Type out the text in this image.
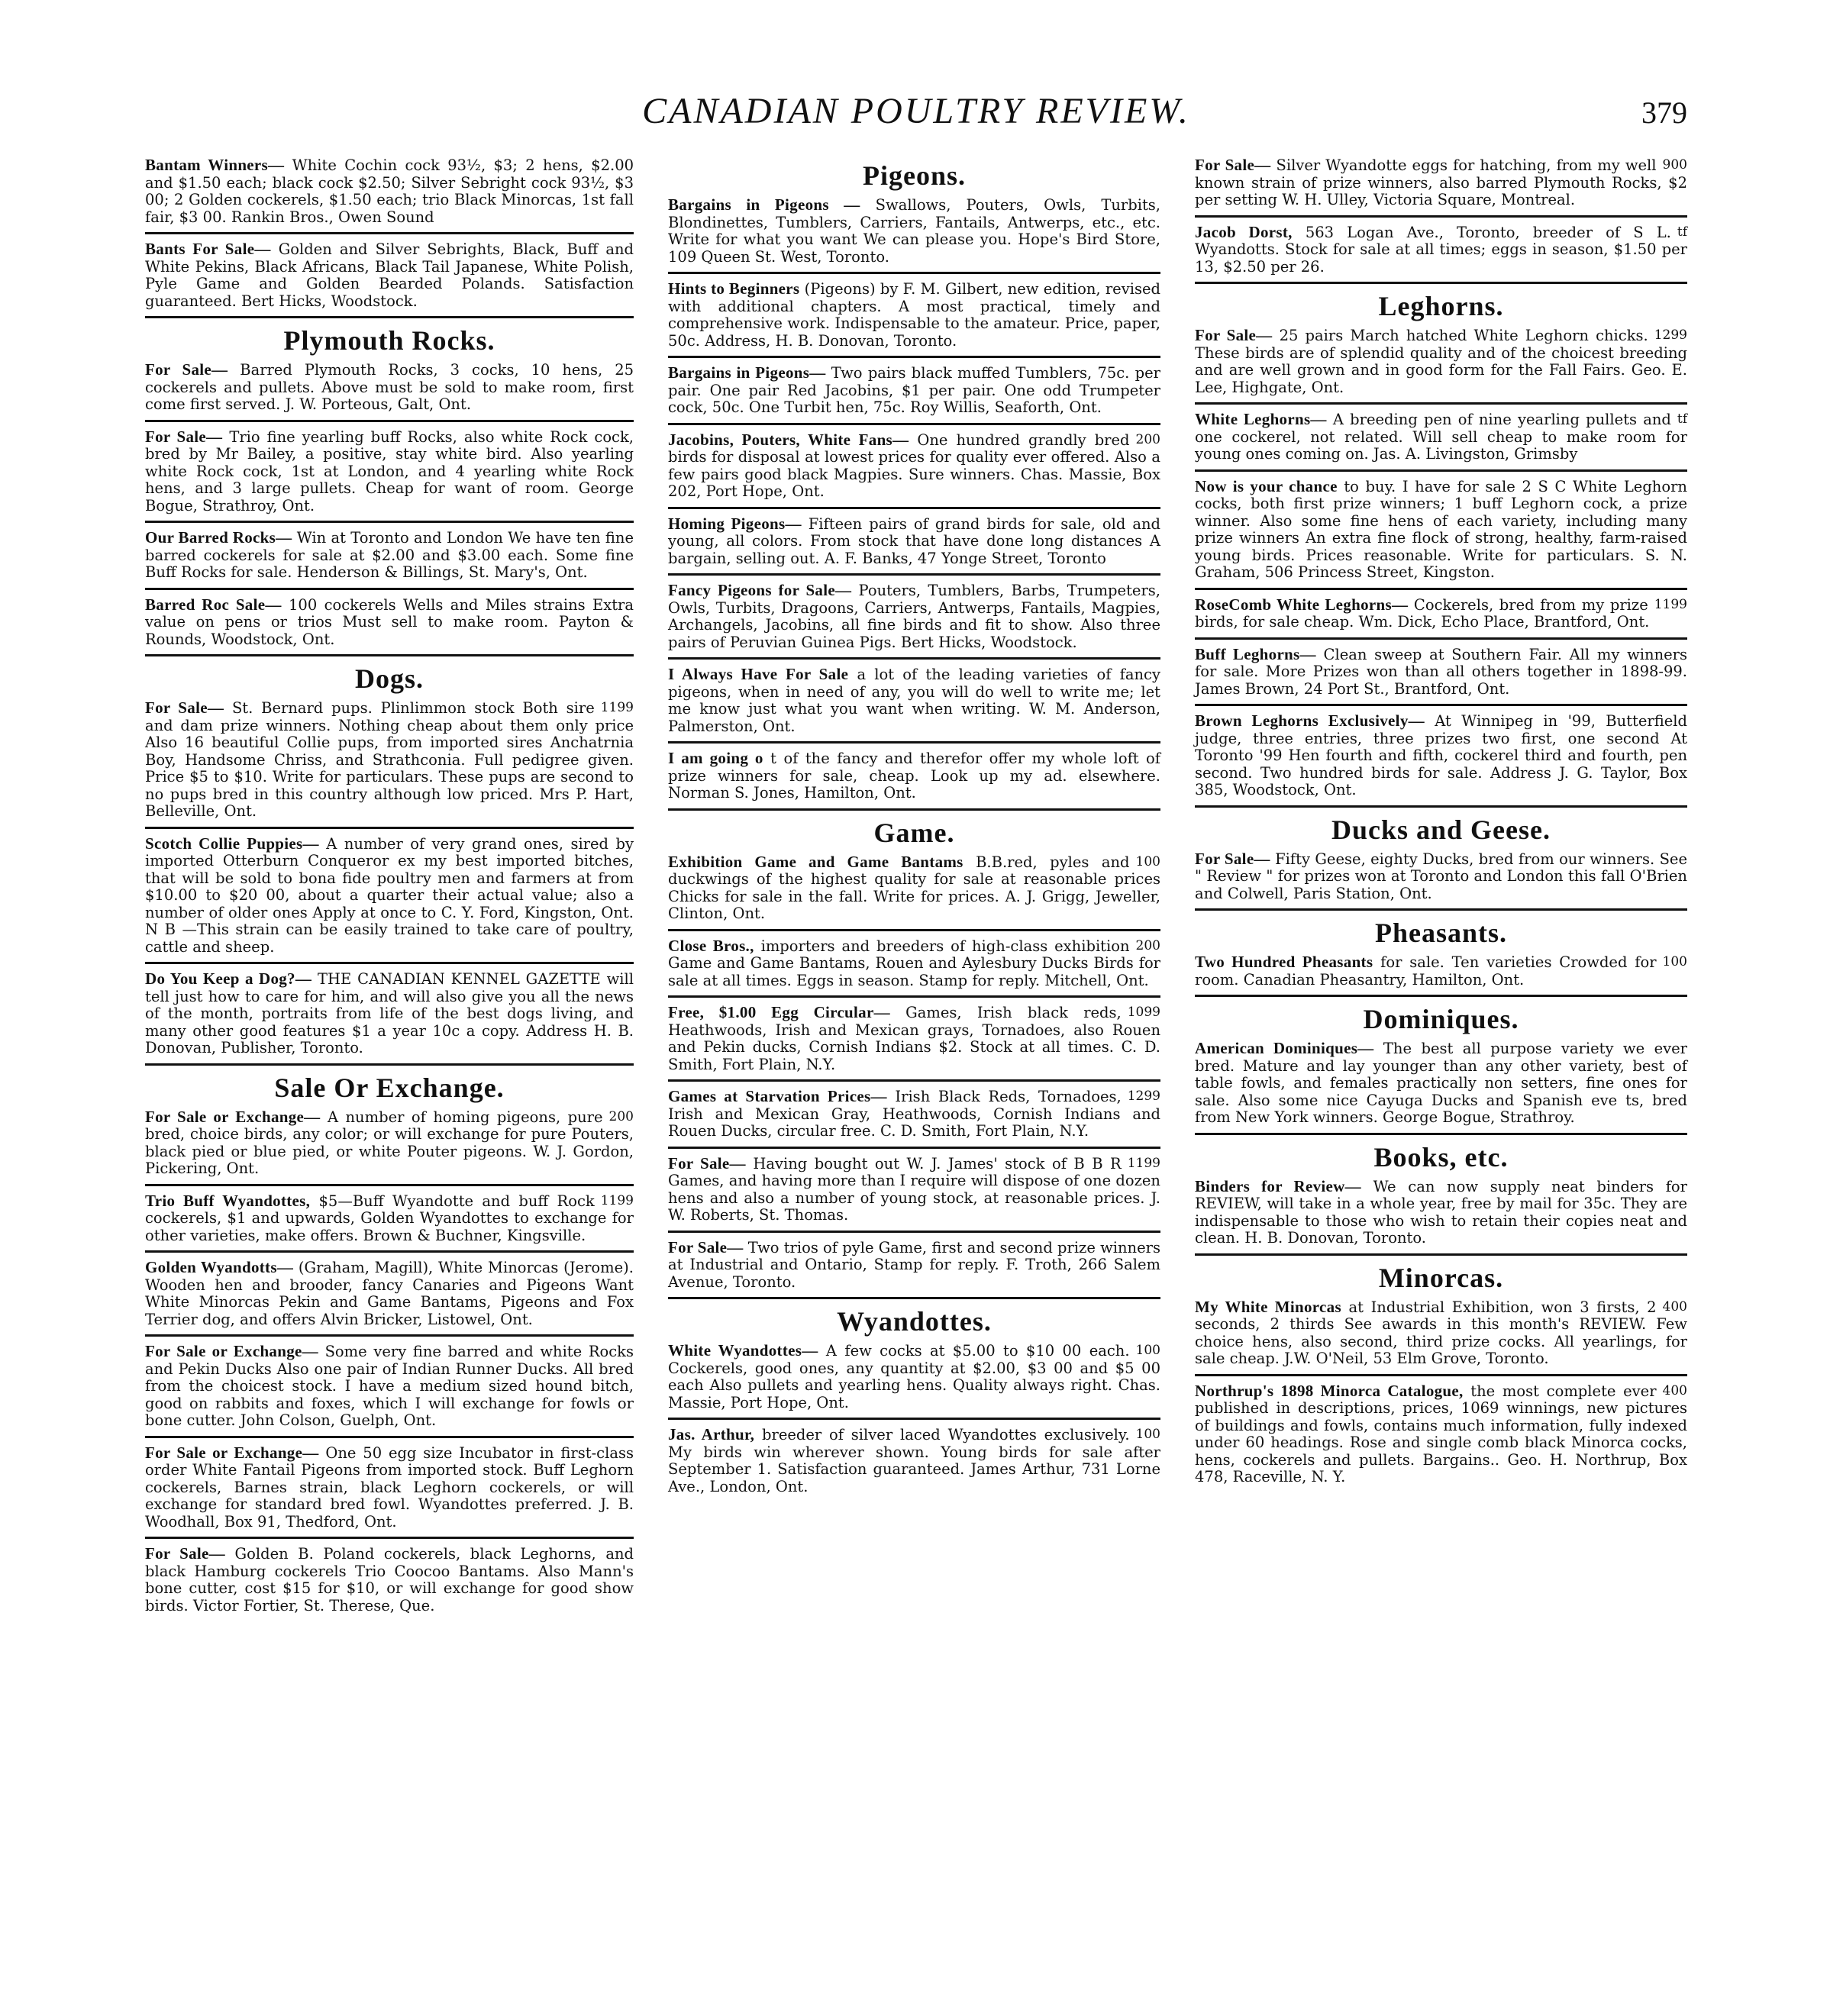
CANADIAN POULTRY REVIEW.	379
Bantam Winners— White Cochin cock 93½, $3; 2 hens, $2.00 and $1.50 each; black cock $2.50; Silver Sebright cock 93½, $3 00; 2 Golden cockerels, $1.50 each; trio Black Minorcas, 1st fall fair, $3 00. Rankin Bros., Owen Sound
Bants For Sale— Golden and Silver Sebrights, Black, Buff and White Pekins, Black Africans, Black Tail Japanese, White Polish, Pyle Game and Golden Bearded Polands. Satisfaction guaranteed. Bert Hicks, Woodstock.
Plymouth Rocks.
For Sale— Barred Plymouth Rocks, 3 cocks, 10 hens, 25 cockerels and pullets. Above must be sold to make room, first come first served. J. W. Porteous, Galt, Ont.
For Sale— Trio fine yearling buff Rocks, also white Rock cock, bred by Mr Bailey, a positive, stay white bird. Also yearling white Rock cock, 1st at London, and 4 yearling white Rock hens, and 3 large pullets. Cheap for want of room. George Bogue, Strathroy, Ont.
Our Barred Rocks— Win at Toronto and London We have ten fine barred cockerels for sale at $2.00 and $3.00 each. Some fine Buff Rocks for sale. Henderson & Billings, St. Mary's, Ont.
Barred Roc Sale— 100 cockerels Wells and Miles strains Extra value on pens or trios Must sell to make room. Payton & Rounds, Woodstock, Ont.
Dogs.
1199
For Sale— St. Bernard pups. Plinlimmon stock Both sire and dam prize winners. Nothing cheap about them only price Also 16 beautiful Collie pups, from imported sires Anchatrnia Boy, Handsome Chriss, and Strathconia. Full pedigree given. Price $5 to $10. Write for particulars. These pups are second to no pups bred in this country although low priced. Mrs P. Hart, Belleville, Ont.
Scotch Collie Puppies— A number of very grand ones, sired by imported Otterburn Conqueror ex my best imported bitches, that will be sold to bona fide poultry men and farmers at from $10.00 to $20 00, about a quarter their actual value; also a number of older ones Apply at once to C. Y. Ford, Kingston, Ont. N B —This strain can be easily trained to take care of poultry, cattle and sheep.
Do You Keep a Dog?— THE CANADIAN KENNEL GAZETTE will tell just how to care for him, and will also give you all the news of the month, portraits from life of the best dogs living, and many other good features $1 a year 10c a copy. Address H. B. Donovan, Publisher, Toronto.
Sale Or Exchange.
200
For Sale or Exchange— A number of homing pigeons, pure bred, choice birds, any color; or will exchange for pure Pouters, black pied or blue pied, or white Pouter pigeons. W. J. Gordon, Pickering, Ont.
1199
Trio Buff Wyandottes, $5—Buff Wyandotte and buff Rock cockerels, $1 and upwards, Golden Wyandottes to exchange for other varieties, make offers. Brown & Buchner, Kingsville.
Golden Wyandotts— (Graham, Magill), White Minorcas (Jerome). Wooden hen and brooder, fancy Canaries and Pigeons Want White Minorcas Pekin and Game Bantams, Pigeons and Fox Terrier dog, and offers Alvin Bricker, Listowel, Ont.
For Sale or Exchange— Some very fine barred and white Rocks and Pekin Ducks Also one pair of Indian Runner Ducks. All bred from the choicest stock. I have a medium sized hound bitch, good on rabbits and foxes, which I will exchange for fowls or bone cutter. John Colson, Guelph, Ont.
For Sale or Exchange— One 50 egg size Incubator in first-class order White Fantail Pigeons from imported stock. Buff Leghorn cockerels, Barnes strain, black Leghorn cockerels, or will exchange for standard bred fowl. Wyandottes preferred. J. B. Woodhall, Box 91, Thedford, Ont.
For Sale— Golden B. Poland cockerels, black Leghorns, and black Hamburg cockerels Trio Coocoo Bantams. Also Mann's bone cutter, cost $15 for $10, or will exchange for good show birds. Victor Fortier, St. Therese, Que.
Pigeons.
Bargains in Pigeons — Swallows, Pouters, Owls, Turbits, Blondinettes, Tumblers, Carriers, Fantails, Antwerps, etc., etc. Write for what you want We can please you. Hope's Bird Store, 109 Queen St. West, Toronto.
Hints to Beginners (Pigeons) by F. M. Gilbert, new edition, revised with additional chapters. A most practical, timely and comprehensive work. Indispensable to the amateur. Price, paper, 50c. Address, H. B. Donovan, Toronto.
Bargains in Pigeons— Two pairs black muffed Tumblers, 75c. per pair. One pair Red Jacobins, $1 per pair. One odd Trumpeter cock, 50c. One Turbit hen, 75c. Roy Willis, Seaforth, Ont.
200
Jacobins, Pouters, White Fans— One hundred grandly bred birds for disposal at lowest prices for quality ever offered. Also a few pairs good black Magpies. Sure winners. Chas. Massie, Box 202, Port Hope, Ont.
Homing Pigeons— Fifteen pairs of grand birds for sale, old and young, all colors. From stock that have done long distances A bargain, selling out. A. F. Banks, 47 Yonge Street, Toronto
Fancy Pigeons for Sale— Pouters, Tumblers, Barbs, Trumpeters, Owls, Turbits, Dragoons, Carriers, Antwerps, Fantails, Magpies, Archangels, Jacobins, all fine birds and fit to show. Also three pairs of Peruvian Guinea Pigs. Bert Hicks, Woodstock.
I Always Have For Sale a lot of the leading varieties of fancy pigeons, when in need of any, you will do well to write me; let me know just what you want when writing. W. M. Anderson, Palmerston, Ont.
I am going o t of the fancy and therefor offer my whole loft of prize winners for sale, cheap. Look up my ad. elsewhere. Norman S. Jones, Hamilton, Ont.
Game.
100
Exhibition Game and Game Bantams B.B.red, pyles and duckwings of the highest quality for sale at reasonable prices Chicks for sale in the fall. Write for prices. A. J. Grigg, Jeweller, Clinton, Ont.
200
Close Bros., importers and breeders of high-class exhibition Game and Game Bantams, Rouen and Aylesbury Ducks Birds for sale at all times. Eggs in season. Stamp for reply. Mitchell, Ont.
1099
Free, $1.00 Egg Circular— Games, Irish black reds, Heathwoods, Irish and Mexican grays, Tornadoes, also Rouen and Pekin ducks, Cornish Indians $2. Stock at all times. C. D. Smith, Fort Plain, N.Y.
1299
Games at Starvation Prices— Irish Black Reds, Tornadoes, Irish and Mexican Gray, Heathwoods, Cornish Indians and Rouen Ducks, circular free. C. D. Smith, Fort Plain, N.Y.
1199
For Sale— Having bought out W. J. James' stock of B B R Games, and having more than I require will dispose of one dozen hens and also a number of young stock, at reasonable prices. J. W. Roberts, St. Thomas.
For Sale— Two trios of pyle Game, first and second prize winners at Industrial and Ontario, Stamp for reply. F. Troth, 266 Salem Avenue, Toronto.
Wyandottes.
100
White Wyandottes— A few cocks at $5.00 to $10 00 each. Cockerels, good ones, any quantity at $2.00, $3 00 and $5 00 each Also pullets and yearling hens. Quality always right. Chas. Massie, Port Hope, Ont.
100
Jas. Arthur, breeder of silver laced Wyandottes exclusively. My birds win wherever shown. Young birds for sale after September 1. Satisfaction guaranteed. James Arthur, 731 Lorne Ave., London, Ont.
900
For Sale— Silver Wyandotte eggs for hatching, from my well known strain of prize winners, also barred Plymouth Rocks, $2 per setting W. H. Ulley, Victoria Square, Montreal.
tf
Jacob Dorst, 563 Logan Ave., Toronto, breeder of S L. Wyandotts. Stock for sale at all times; eggs in season, $1.50 per 13, $2.50 per 26.
Leghorns.
1299
For Sale— 25 pairs March hatched White Leghorn chicks. These birds are of splendid quality and of the choicest breeding and are well grown and in good form for the Fall Fairs. Geo. E. Lee, Highgate, Ont.
tf
White Leghorns— A breeding pen of nine yearling pullets and one cockerel, not related. Will sell cheap to make room for young ones coming on. Jas. A. Livingston, Grimsby
Now is your chance to buy. I have for sale 2 S C White Leghorn cocks, both first prize winners; 1 buff Leghorn cock, a prize winner. Also some fine hens of each variety, including many prize winners An extra fine flock of strong, healthy, farm-raised young birds. Prices reasonable. Write for particulars. S. N. Graham, 506 Princess Street, Kingston.
1199
RoseComb White Leghorns— Cockerels, bred from my prize birds, for sale cheap. Wm. Dick, Echo Place, Brantford, Ont.
Buff Leghorns— Clean sweep at Southern Fair. All my winners for sale. More Prizes won than all others together in 1898-99. James Brown, 24 Port St., Brantford, Ont.
Brown Leghorns Exclusively— At Winnipeg in '99, Butterfield judge, three entries, three prizes two first, one second At Toronto '99 Hen fourth and fifth, cockerel third and fourth, pen second. Two hundred birds for sale. Address J. G. Taylor, Box 385, Woodstock, Ont.
Ducks and Geese.
For Sale— Fifty Geese, eighty Ducks, bred from our winners. See " Review " for prizes won at Toronto and London this fall O'Brien and Colwell, Paris Station, Ont.
Pheasants.
100
Two Hundred Pheasants for sale. Ten varieties Crowded for room. Canadian Pheasantry, Hamilton, Ont.
Dominiques.
American Dominiques— The best all purpose variety we ever bred. Mature and lay younger than any other variety, best of table fowls, and females practically non setters, fine ones for sale. Also some nice Cayuga Ducks and Spanish eve ts, bred from New York winners. George Bogue, Strathroy.
Books, etc.
Binders for Review— We can now supply neat binders for REVIEW, will take in a whole year, free by mail for 35c. They are indispensable to those who wish to retain their copies neat and clean. H. B. Donovan, Toronto.
Minorcas.
400
My White Minorcas at Industrial Exhibition, won 3 firsts, 2 seconds, 2 thirds See awards in this month's REVIEW. Few choice hens, also second, third prize cocks. All yearlings, for sale cheap. J.W. O'Neil, 53 Elm Grove, Toronto.
400
Northrup's 1898 Minorca Catalogue, the most complete ever published in descriptions, prices, 1069 winnings, new pictures of buildings and fowls, contains much information, fully indexed under 60 headings. Rose and single comb black Minorca cocks, hens, cockerels and pullets. Bargains.. Geo. H. Northrup, Box 478, Raceville, N. Y.
